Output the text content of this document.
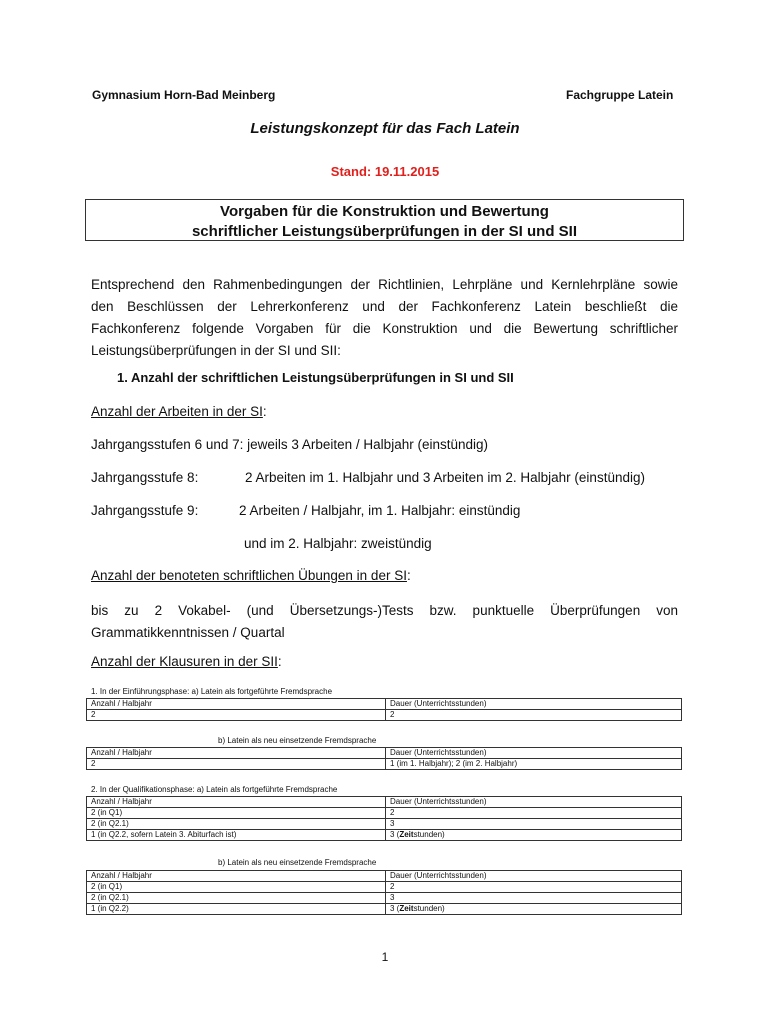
Gymnasium Horn-Bad Meinberg	Fachgruppe Latein
Leistungskonzept für das Fach Latein
Stand: 19.11.2015
Vorgaben für die Konstruktion und Bewertung
schriftlicher Leistungsüberprüfungen in der SI und SII
Entsprechend den Rahmenbedingungen der Richtlinien, Lehrpläne und Kernlehrpläne sowie
den Beschlüssen der Lehrerkonferenz und der Fachkonferenz Latein beschließt die
Fachkonferenz folgende Vorgaben für die Konstruktion und die Bewertung schriftlicher
Leistungsüberprüfungen in der SI und SII:
1. Anzahl der schriftlichen Leistungsüberprüfungen in SI und SII
Anzahl der Arbeiten in der SI:
Jahrgangsstufen 6 und 7: jeweils 3 Arbeiten / Halbjahr (einstündig)
Jahrgangsstufe 8:	2 Arbeiten im 1. Halbjahr und 3 Arbeiten im 2. Halbjahr (einstündig)
Jahrgangsstufe 9:	2 Arbeiten / Halbjahr, im 1. Halbjahr: einstündig
und im 2. Halbjahr: zweistündig
Anzahl der benoteten schriftlichen Übungen in der SI:
bis zu 2 Vokabel- (und Übersetzungs-)Tests bzw. punktuelle Überprüfungen von
Grammatikkenntnissen / Quartal
Anzahl der Klausuren in der SII:
1. In der Einführungsphase: a) Latein als fortgeführte Fremdsprache
Anzahl / Halbjahr	Dauer (Unterrichtsstunden)
2	2
b) Latein als neu einsetzende Fremdsprache
Anzahl / Halbjahr	Dauer (Unterrichtsstunden)
2	1 (im 1. Halbjahr); 2 (im 2. Halbjahr)
2. In der Qualifikationsphase: a) Latein als fortgeführte Fremdsprache
Anzahl / Halbjahr	Dauer (Unterrichtsstunden)
2 (in Q1)	2
2 (in Q2.1)	3
1 (in Q2.2, sofern Latein 3. Abiturfach ist)	3 (Zeitstunden)
b) Latein als neu einsetzende Fremdsprache
Anzahl / Halbjahr	Dauer (Unterrichtsstunden)
2 (in Q1)	2
2 (in Q2.1)	3
1 (in Q2.2)	3 (Zeitstunden)
1
